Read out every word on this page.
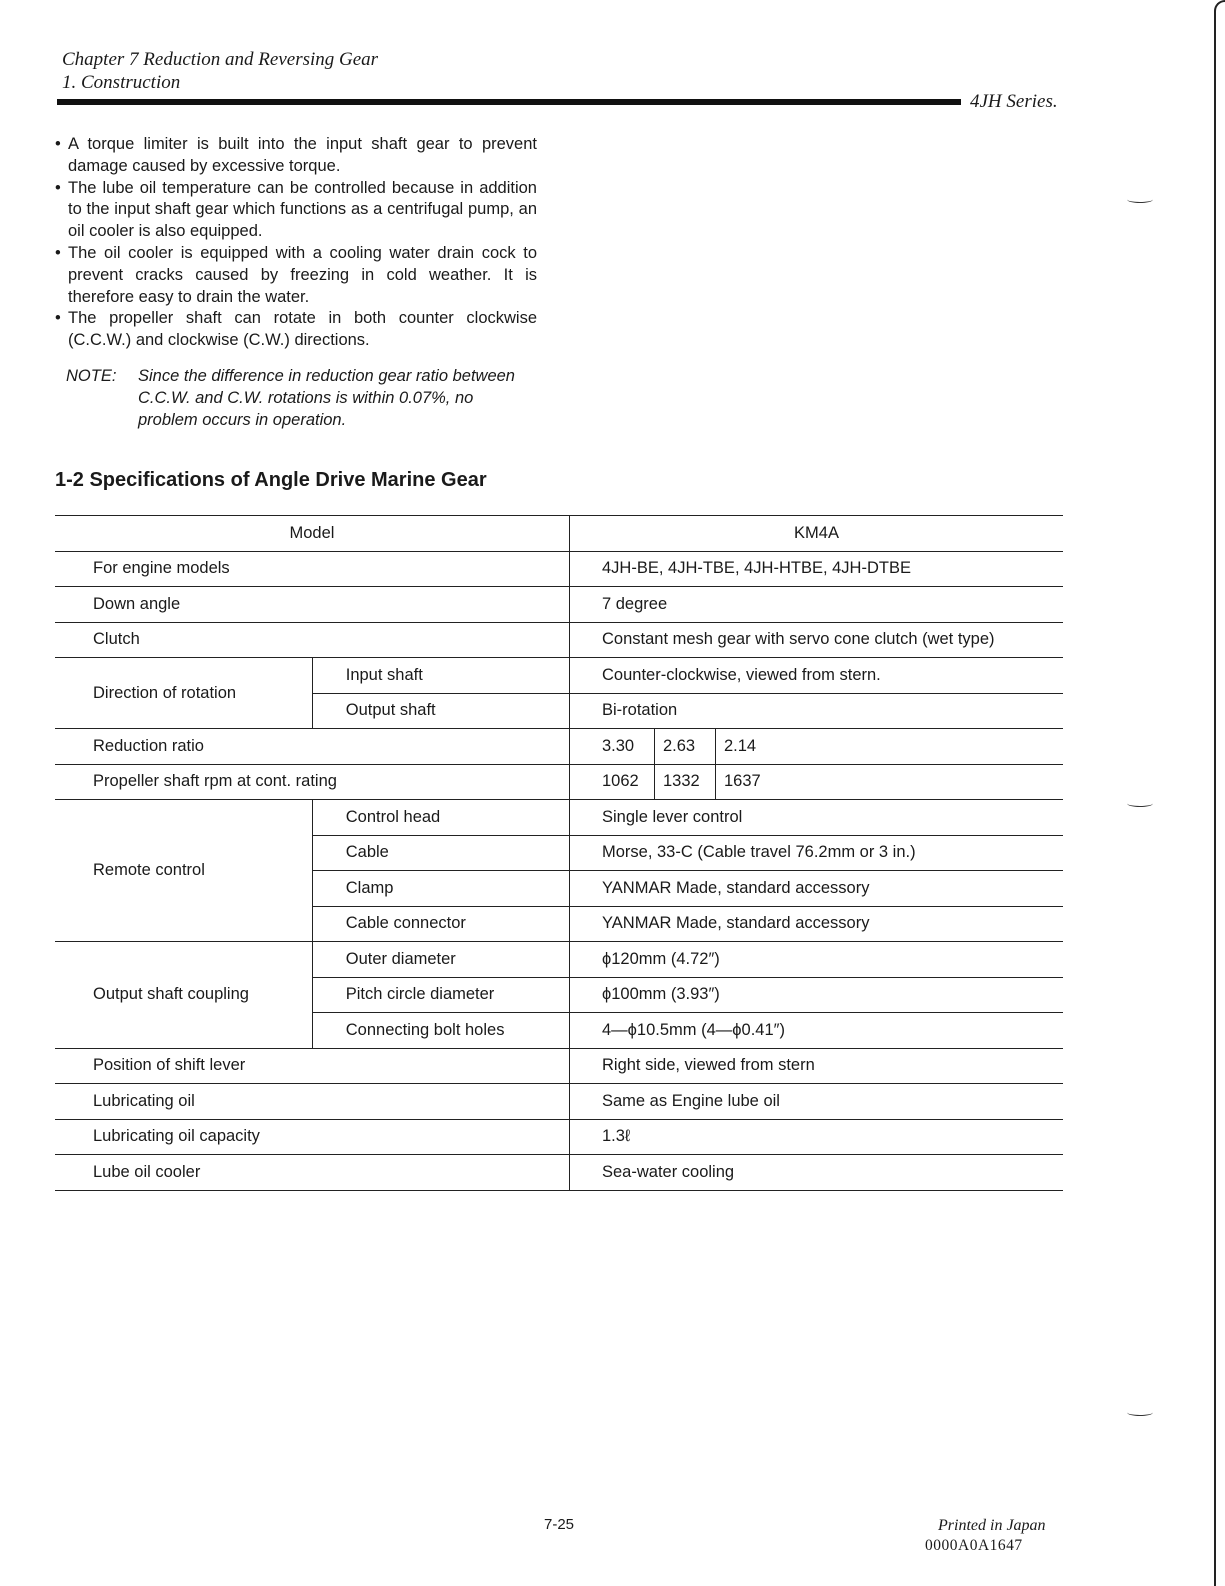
Chapter 7 Reduction and Reversing Gear
1. Construction
4JH Series.
• A torque limiter is built into the input shaft gear to prevent damage caused by excessive torque.
• The lube oil temperature can be controlled because in addition to the input shaft gear which functions as a centrifugal pump, an oil cooler is also equipped.
• The oil cooler is equipped with a cooling water drain cock to prevent cracks caused by freezing in cold weather. It is therefore easy to drain the water.
• The propeller shaft can rotate in both counter clockwise (C.C.W.) and clockwise (C.W.) directions.
NOTE: Since the difference in reduction gear ratio between C.C.W. and C.W. rotations is within 0.07%, no problem occurs in operation.
1-2 Specifications of Angle Drive Marine Gear
Model		KM4A
For engine models		4JH-BE, 4JH-TBE, 4JH-HTBE, 4JH-DTBE
Down angle		7 degree
Clutch		Constant mesh gear with servo cone clutch (wet type)
Direction of rotation	Input shaft	Counter-clockwise, viewed from stern.
	Output shaft	Bi-rotation
Reduction ratio		3.30 2.63 2.14

Propeller shaft rpm at cont. rating		1062 1332 1637

Remote control	Control head	Single lever control
	Cable	Morse, 33-C (Cable travel 76.2mm or 3 in.)
	Clamp	YANMAR Made, standard accessory
	Cable connector	YANMAR Made, standard accessory
Output shaft coupling	Outer diameter	ϕ120mm (4.72″)
	Pitch circle diameter	ϕ100mm (3.93″)
	Connecting bolt holes	4—ϕ10.5mm (4—ϕ0.41″)
Position of shift lever		Right side, viewed from stern
Lubricating oil		Same as Engine lube oil
Lubricating oil capacity		1.3ℓ
Lube oil cooler		Sea-water cooling
7-25	Printed in Japan
0000A0A1647
